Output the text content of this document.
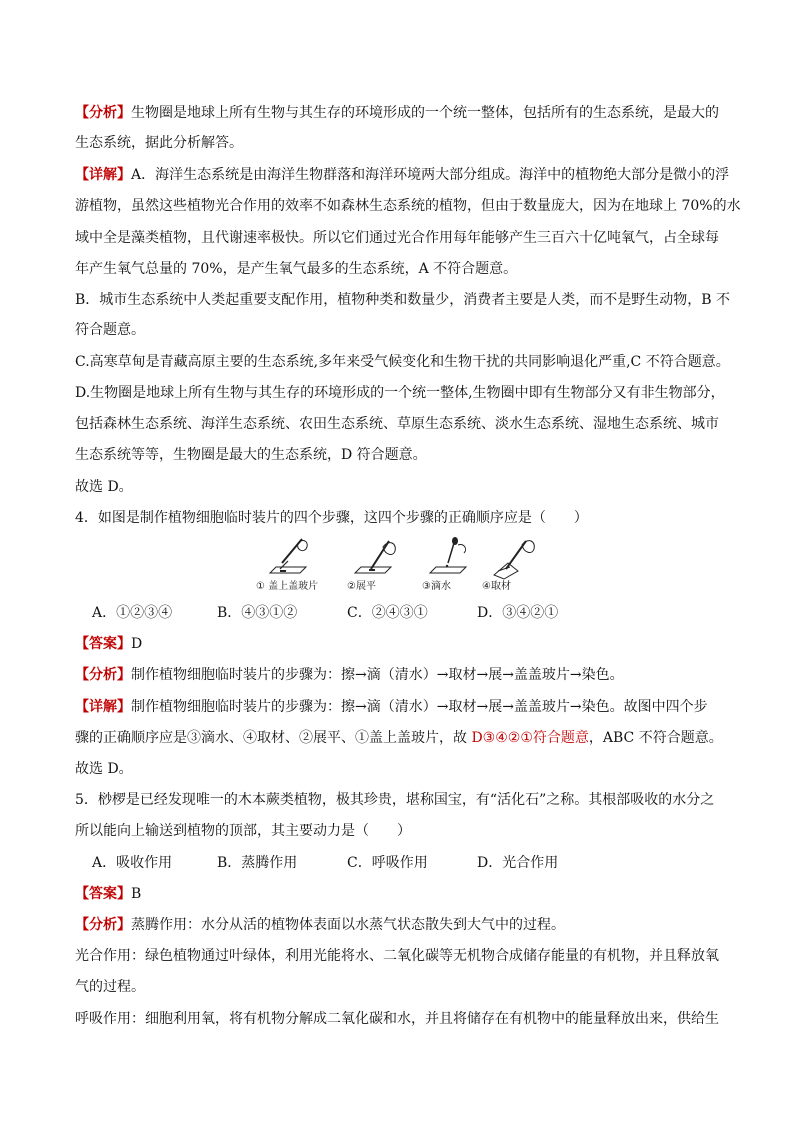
【分析】生物圈是地球上所有生物与其生存的环境形成的一个统一整体，包括所有的生态系统，是最大的
生态系统，据此分析解答。
【详解】A．海洋生态系统是由海洋生物群落和海洋环境两大部分组成。海洋中的植物绝大部分是微小的浮
游植物，虽然这些植物光合作用的效率不如森林生态系统的植物，但由于数量庞大，因为在地球上 70%的水
域中全是藻类植物，且代谢速率极快。所以它们通过光合作用每年能够产生三百六十亿吨氧气，占全球每
年产生氧气总量的 70%，是产生氧气最多的生态系统，A 不符合题意。
B．城市生态系统中人类起重要支配作用，植物种类和数量少，消费者主要是人类，而不是野生动物，B 不
符合题意。
C.高寒草甸是青藏高原主要的生态系统,多年来受气候变化和生物干扰的共同影响退化严重,C 不符合题意。
D.生物圈是地球上所有生物与其生存的环境形成的一个统一整体,生物圈中即有生物部分又有非生物部分，
包括森林生态系统、海洋生态系统、农田生态系统、草原生态系统、淡水生态系统、湿地生态系统、城市
生态系统等等，生物圈是最大的生态系统，D 符合题意。
故选 D。
4．如图是制作植物细胞临时装片的四个步骤，这四个步骤的正确顺序应是（　　）
① 盖上盖玻片	②展平	③滴水	④取材
A．①②③④	B．④③①②	C．②④③①	D．③④②①
【答案】D
【分析】制作植物细胞临时装片的步骤为：擦→滴（清水）→取材→展→盖盖玻片→染色。
【详解】制作植物细胞临时装片的步骤为：擦→滴（清水）→取材→展→盖盖玻片→染色。故图中四个步
骤的正确顺序应是③滴水、④取材、②展平、①盖上盖玻片，故 D③④②①符合题意，ABC 不符合题意。
故选 D。
5．桫椤是已经发现唯一的木本蕨类植物，极其珍贵，堪称国宝，有“活化石”之称。其根部吸收的水分之
所以能向上输送到植物的顶部，其主要动力是（　　）
A．吸收作用	B．蒸腾作用	C．呼吸作用	D．光合作用
【答案】B
【分析】蒸腾作用：水分从活的植物体表面以水蒸气状态散失到大气中的过程。
光合作用：绿色植物通过叶绿体，利用光能将水、二氧化碳等无机物合成储存能量的有机物，并且释放氧
气的过程。
呼吸作用：细胞利用氧，将有机物分解成二氧化碳和水，并且将储存在有机物中的能量释放出来，供给生
